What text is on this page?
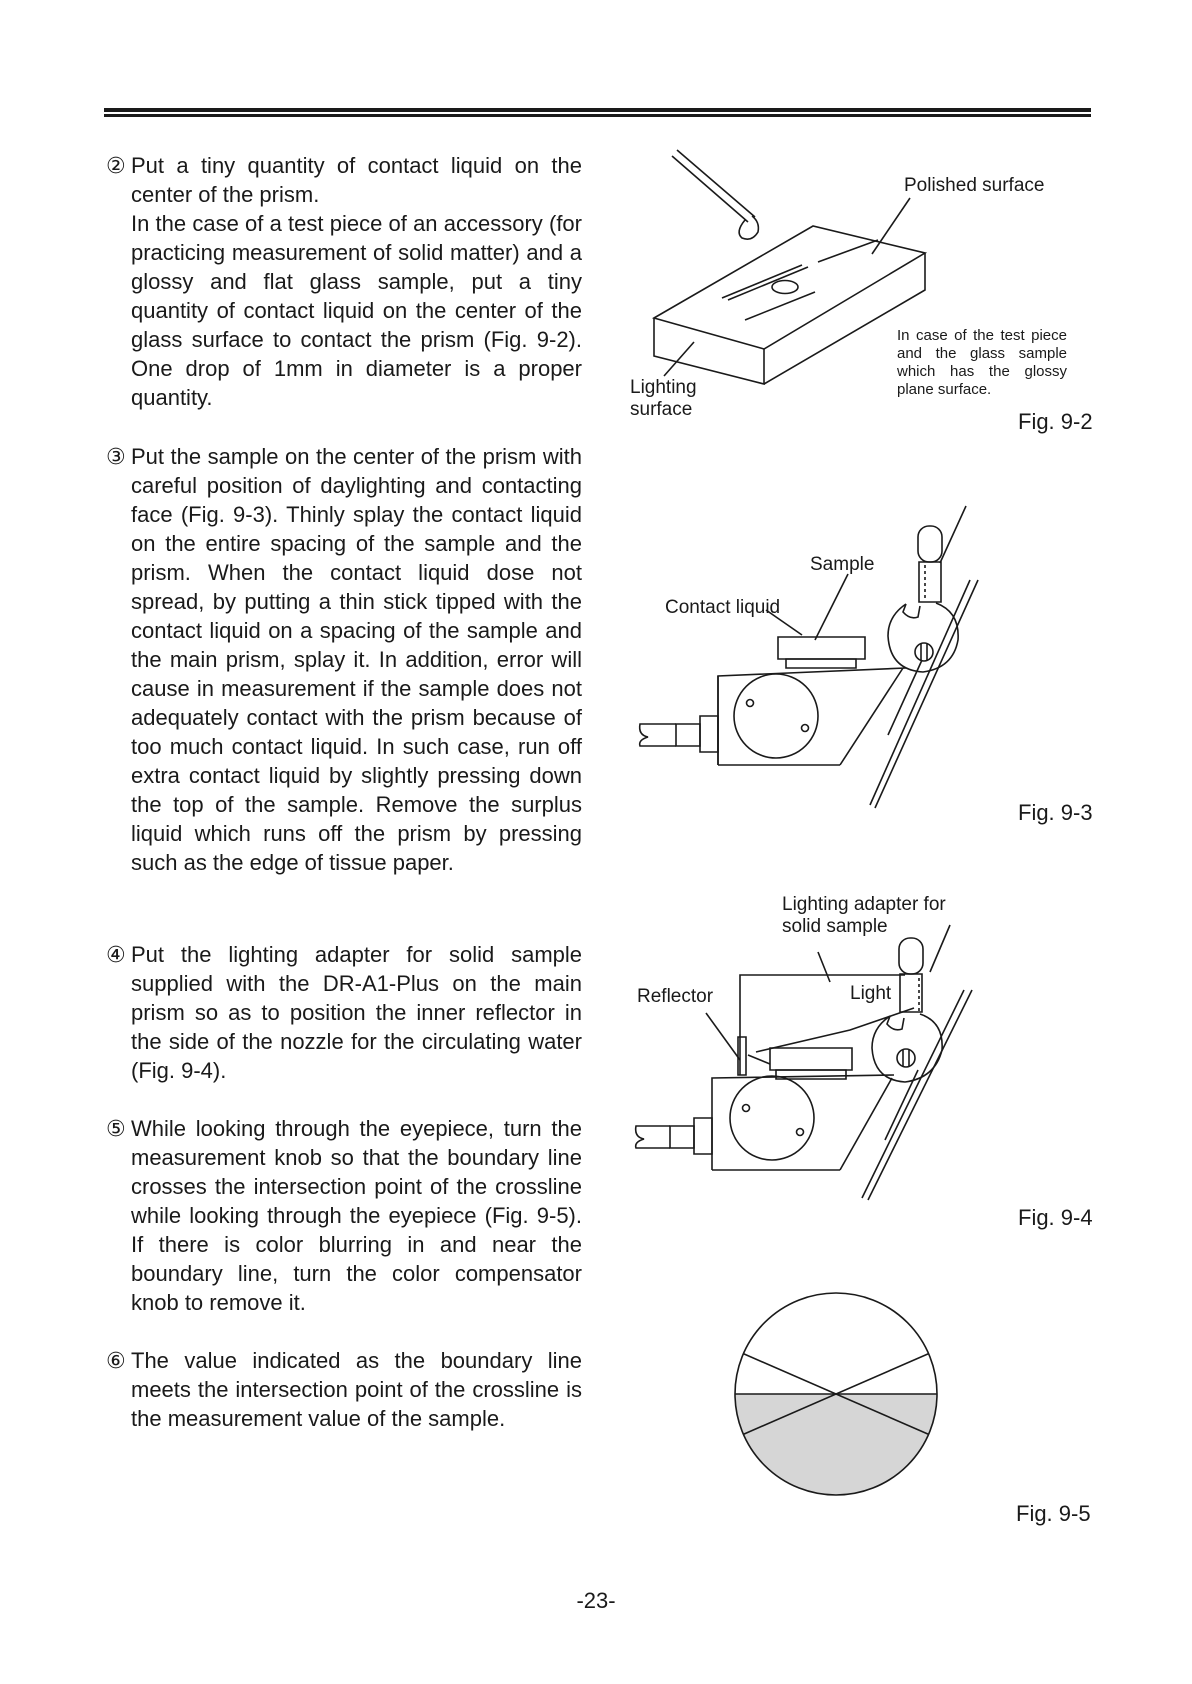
② Put a tiny quantity of contact liquid on the center of the prism.

In the case of a test piece of an accessory (for practicing measurement of solid matter) and a glossy and flat glass sample, put a tiny quantity of contact liquid on the center of the glass surface to contact the prism (Fig. 9-2). One drop of 1mm in diameter is a proper quantity.

③ Put the sample on the center of the prism with careful position of daylighting and contacting face (Fig. 9-3). Thinly splay the contact liquid on the entire spacing of the sample and the prism. When the contact liquid dose not spread, by putting a thin stick tipped with the contact liquid on a spacing of the sample and the main prism, splay it. In addition, error will cause in measurement if the sample does not adequately contact with the prism because of too much contact liquid. In such case, run off extra contact liquid by slightly pressing down the top of the sample. Remove the surplus liquid which runs off the prism by pressing such as the edge of tissue paper.

④ Put the lighting adapter for solid sample supplied with the DR-A1-Plus on the main prism so as to position the inner reflector in the side of the nozzle for the circulating water (Fig. 9-4).

⑤ While looking through the eyepiece, turn the measurement knob so that the boundary line crosses the intersection point of the crossline while looking through the eyepiece (Fig. 9-5). If there is color blurring in and near the boundary line, turn the color compensator knob to remove it.

⑥ The value indicated as the boundary line meets the intersection point of the crossline is the measurement value of the sample.

Polished surface
Lighting
surface
In case of the test piece and the glass sample which has the glossy plane surface.
Fig. 9-2
Sample
Contact liquid
Fig. 9-3
Lighting adapter for
solid sample
Reflector	Light
Fig. 9-4
Fig. 9-5
-23-
